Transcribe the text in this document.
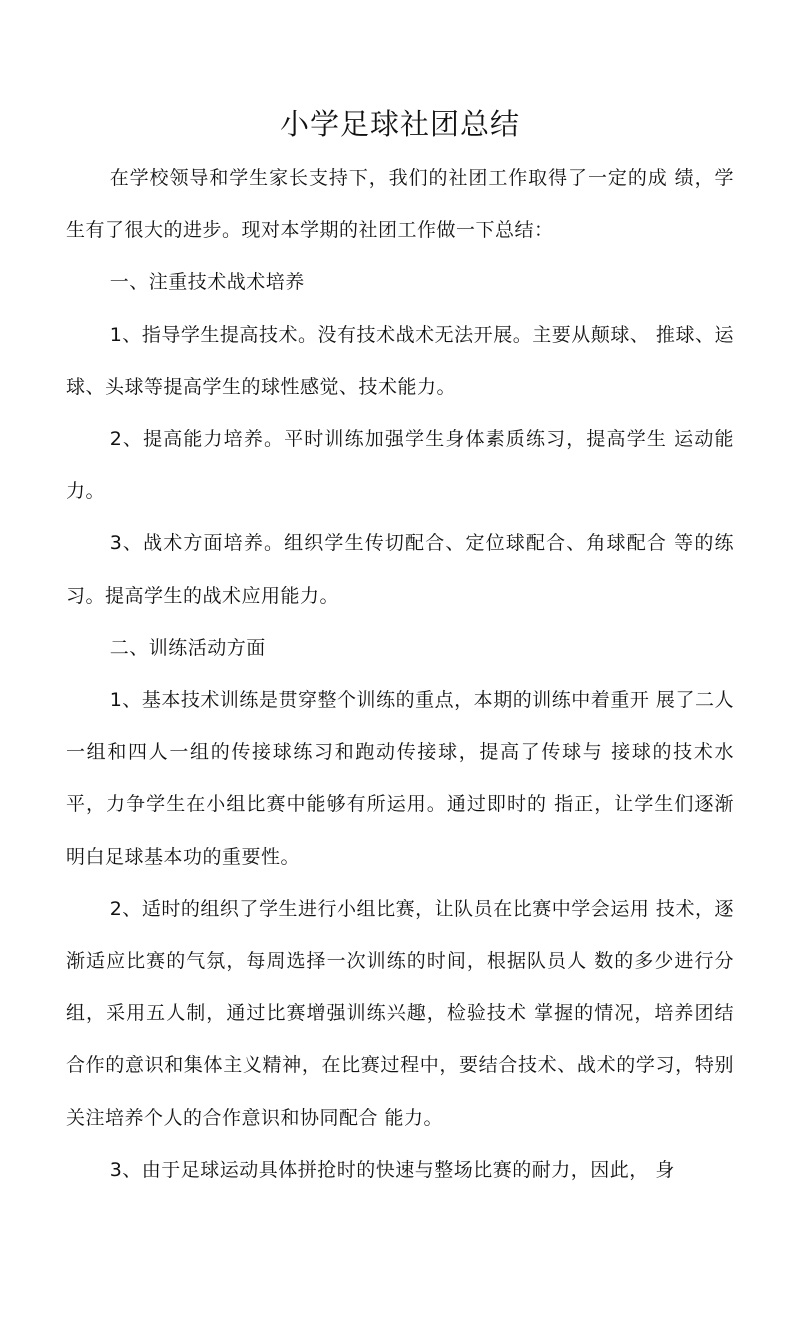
小学足球社团总结

在学校领导和学生家长支持下，我们的社团工作取得了一定的成 绩，学生有了很大的进步。现对本学期的社团工作做一下总结：

一、注重技术战术培养

1、指导学生提高技术。没有技术战术无法开展。主要从颠球、 推球、运球、头球等提高学生的球性感觉、技术能力。

2、提高能力培养。平时训练加强学生身体素质练习，提高学生 运动能力。

3、战术方面培养。组织学生传切配合、定位球配合、角球配合 等的练习。提高学生的战术应用能力。

二、训练活动方面

1、基本技术训练是贯穿整个训练的重点，本期的训练中着重开 展了二人一组和四人一组的传接球练习和跑动传接球，提高了传球与 接球的技术水平，力争学生在小组比赛中能够有所运用。通过即时的 指正，让学生们逐渐明白足球基本功的重要性。

2、适时的组织了学生进行小组比赛，让队员在比赛中学会运用 技术，逐渐适应比赛的气氛，每周选择一次训练的时间，根据队员人 数的多少进行分组，采用五人制，通过比赛增强训练兴趣，检验技术 掌握的情况，培养团结合作的意识和集体主义精神，在比赛过程中，要结合技术、战术的学习，特别关注培养个人的合作意识和协同配合 能力。

3、由于足球运动具体拼抢时的快速与整场比赛的耐力，因此， 身
